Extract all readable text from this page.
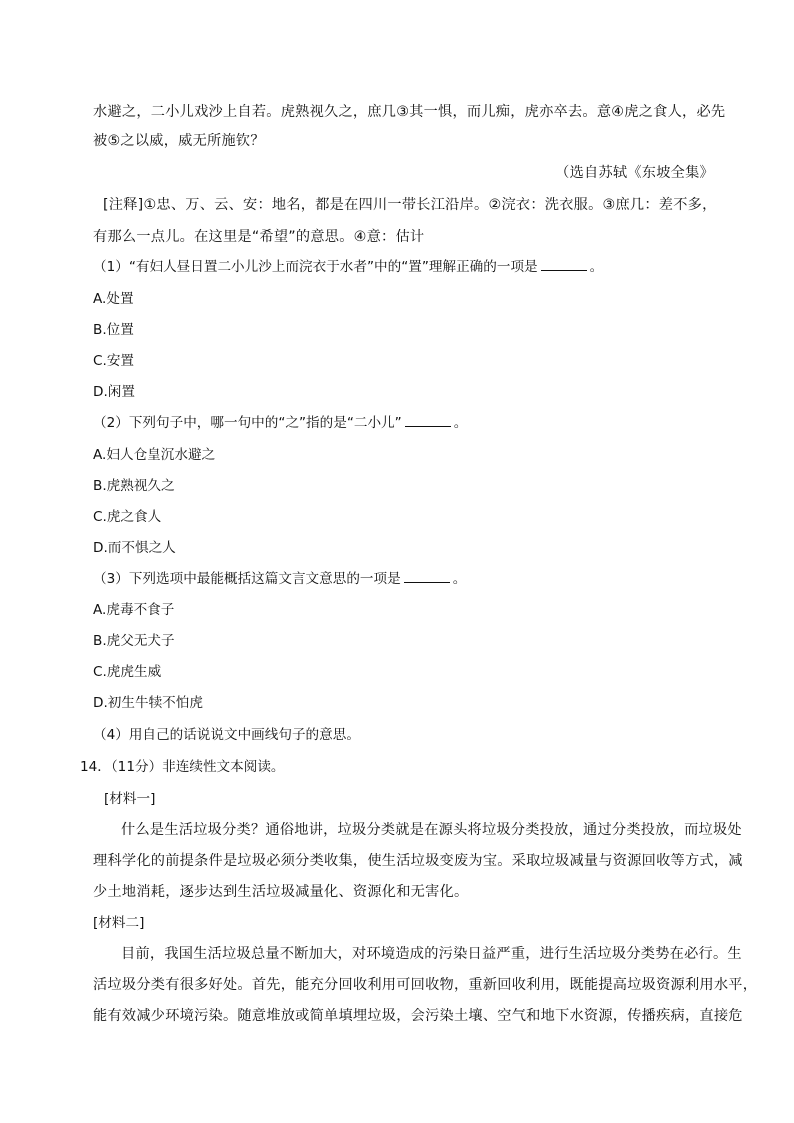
水避之，二小儿戏沙上自若。虎熟视久之，庶几③其一惧，而儿痴，虎亦卒去。意④虎之食人，必先
被⑤之以威，威无所施钦？
（选自苏轼《东坡全集》
[注释]①忠、万、云、安：地名，都是在四川一带长江沿岸。②浣衣：洗衣服。③庶几：差不多，
有那么一点儿。在这里是“希望”的意思。④意：估计
（1）“有妇人昼日置二小儿沙上而浣衣于水者”中的“置”理解正确的一项是	。
A.处置
B.位置
C.安置
D.闲置
（2）下列句子中，哪一句中的“之”指的是“二小儿”	。
A.妇人仓皇沉水避之
B.虎熟视久之
C.虎之食人
D.而不惧之人
（3）下列选项中最能概括这篇文言文意思的一项是	。
A.虎毒不食子
B.虎父无犬子
C.虎虎生威
D.初生牛犊不怕虎
（4）用自己的话说说文中画线句子的意思。
14．（11分）非连续性文本阅读。
[材料一]
什么是生活垃圾分类？通俗地讲，垃圾分类就是在源头将垃圾分类投放，通过分类投放，而垃圾处
理科学化的前提条件是垃圾必须分类收集，使生活垃圾变废为宝。采取垃圾减量与资源回收等方式，减
少土地消耗，逐步达到生活垃圾减量化、资源化和无害化。
[材料二]
目前，我国生活垃圾总量不断加大，对环境造成的污染日益严重，进行生活垃圾分类势在必行。生
活垃圾分类有很多好处。首先，能充分回收利用可回收物，重新回收利用，既能提高垃圾资源利用水平，
能有效减少环境污染。随意堆放或简单填埋垃圾，会污染土壤、空气和地下水资源，传播疾病，直接危
